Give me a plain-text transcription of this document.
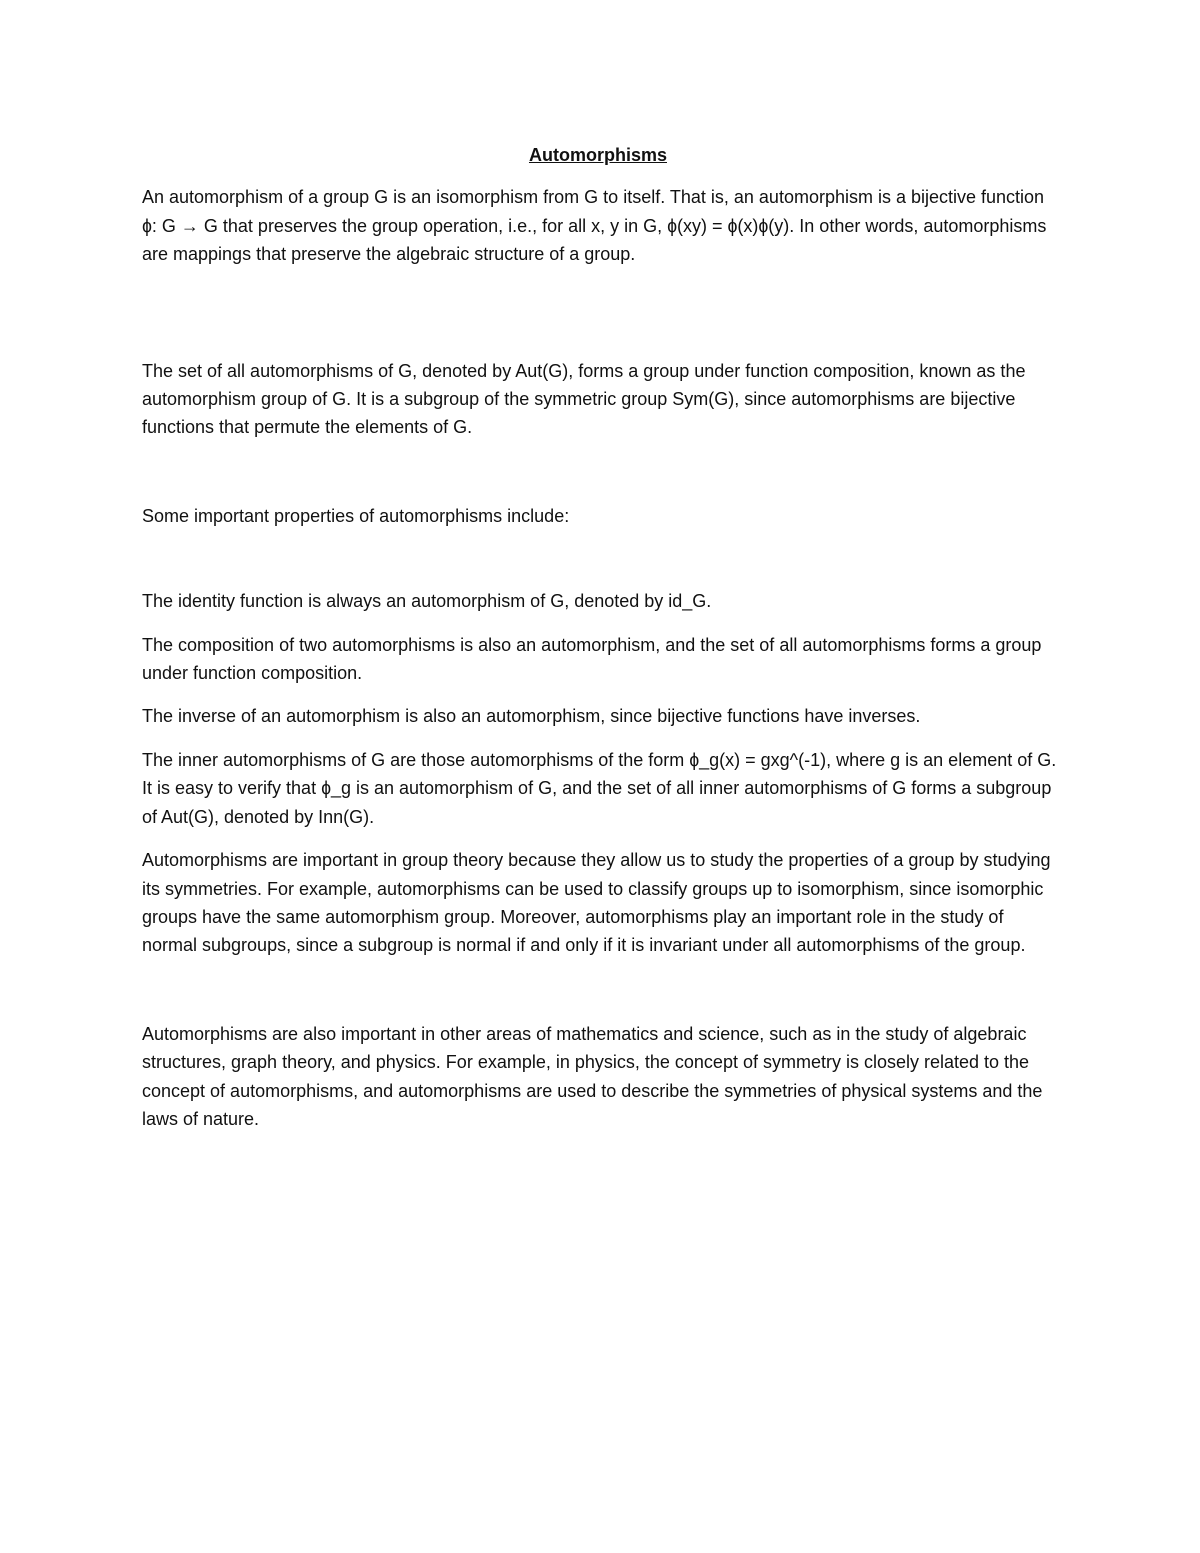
Automorphisms

An automorphism of a group G is an isomorphism from G to itself. That is, an automorphism is a bijective function ɸ: G → G that preserves the group operation, i.e., for all x, y in G, ɸ(xy) = ɸ(x)ɸ(y). In other words, automorphisms are mappings that preserve the algebraic structure of a group.

The set of all automorphisms of G, denoted by Aut(G), forms a group under function composition, known as the automorphism group of G. It is a subgroup of the symmetric group Sym(G), since automorphisms are bijective functions that permute the elements of G.

Some important properties of automorphisms include:

The identity function is always an automorphism of G, denoted by id_G.

The composition of two automorphisms is also an automorphism, and the set of all automorphisms forms a group under function composition.

The inverse of an automorphism is also an automorphism, since bijective functions have inverses.

The inner automorphisms of G are those automorphisms of the form ɸ_g(x) = gxg^(-1), where g is an element of G. It is easy to verify that ɸ_g is an automorphism of G, and the set of all inner automorphisms of G forms a subgroup of Aut(G), denoted by Inn(G).

Automorphisms are important in group theory because they allow us to study the properties of a group by studying its symmetries. For example, automorphisms can be used to classify groups up to isomorphism, since isomorphic groups have the same automorphism group. Moreover, automorphisms play an important role in the study of normal subgroups, since a subgroup is normal if and only if it is invariant under all automorphisms of the group.

Automorphisms are also important in other areas of mathematics and science, such as in the study of algebraic structures, graph theory, and physics. For example, in physics, the concept of symmetry is closely related to the concept of automorphisms, and automorphisms are used to describe the symmetries of physical systems and the laws of nature.
